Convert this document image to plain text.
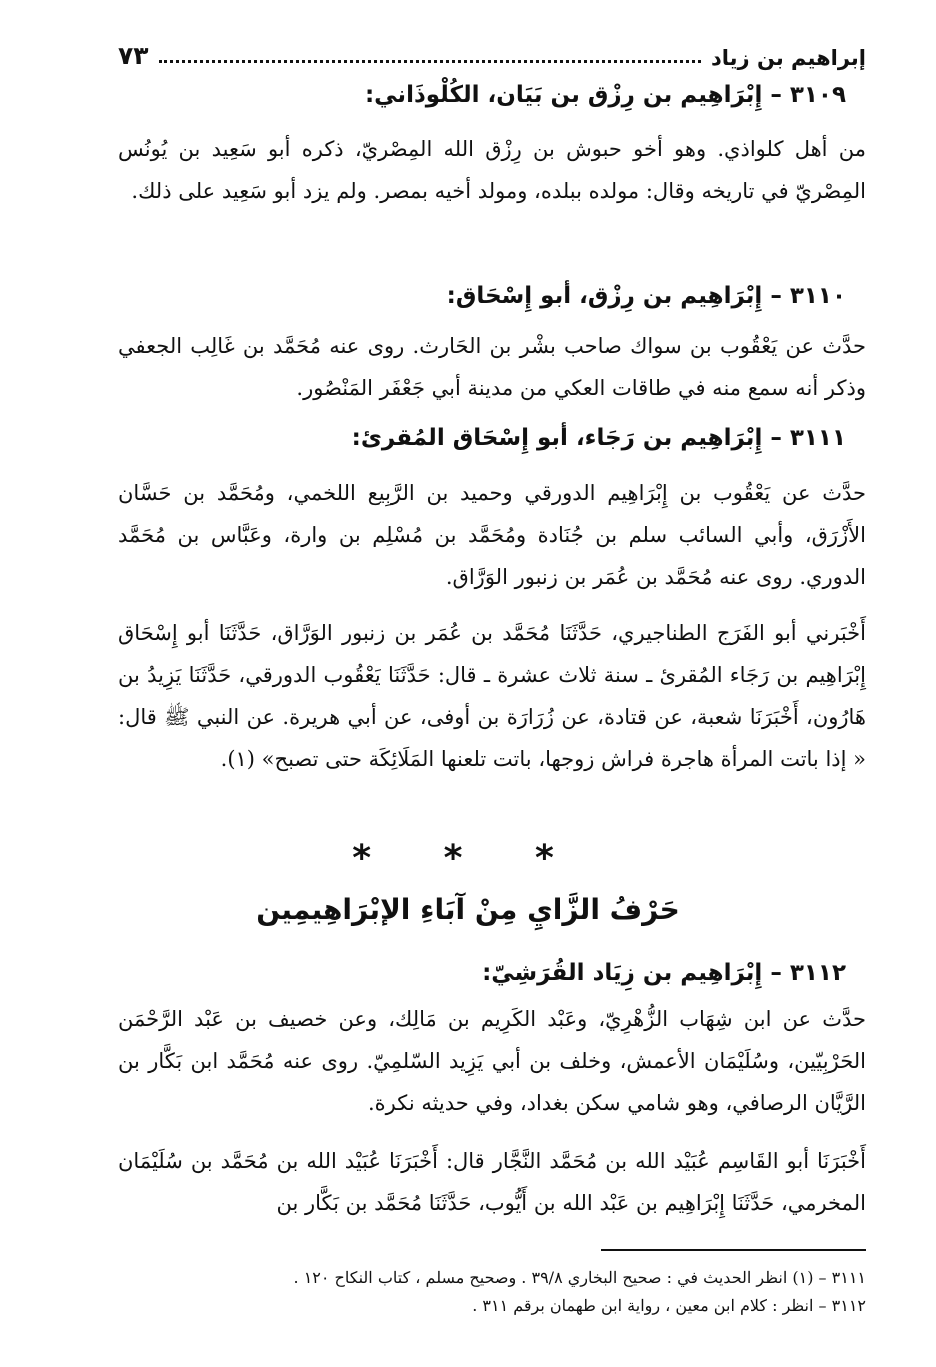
إبراهيم بن زياد
٧٣
٣١٠٩ – إِبْرَاهِيم بن رِزْق بن بَيَان، الكُلْوذَاني:

من أهل كلواذي. وهو أخو حبوش بن رِزْق الله المِصْريّ، ذكره أبو سَعِيد بن يُونُس المِصْريّ في تاريخه وقال: مولده ببلده، ومولد أخيه بمصر. ولم يزد أبو سَعِيد على ذلك.

٣١١٠ – إِبْرَاهِيم بن رِزْق، أبو إِسْحَاق:

حدَّث عن يَعْقُوب بن سواك صاحب بشْر بن الحَارث. روى عنه مُحَمَّد بن غَالِب الجعفي وذكر أنه سمع منه في طاقات العكي من مدينة أبي جَعْفَر المَنْصُور.

٣١١١ – إِبْرَاهِيم بن رَجَاء، أبو إِسْحَاق المُقرئ:

حدَّث عن يَعْقُوب بن إِبْرَاهِيم الدورقي وحميد بن الرَّبِيع اللخمي، ومُحَمَّد بن حَسَّان الأَزْرَق، وأبي السائب سلم بن جُنَادة ومُحَمَّد بن مُسْلِم بن وارة، وعَبَّاس بن مُحَمَّد الدوري. روى عنه مُحَمَّد بن عُمَر بن زنبور الوَرَّاق.

أَخْبَرني أبو الفَرَج الطناجيري، حَدَّثَنَا مُحَمَّد بن عُمَر بن زنبور الوَرَّاق، حَدَّثَنَا أبو إِسْحَاق إِبْرَاهِيم بن رَجَاء المُقرئ ـ سنة ثلاث عشرة ـ قال: حَدَّثَنَا يَعْقُوب الدورقي، حَدَّثَنَا يَزِيدُ بن هَارُون، أَخْبَرَنَا شعبة، عن قتادة، عن زُرَارَة بن أوفى، عن أبي هريرة. عن النبي ﷺ قال: « إذا باتت المرأة هاجرة فراش زوجها، باتت تلعنها المَلَائِكَة حتى تصبح» (١).

* * *
حَرْفُ الزَّايِ مِنْ آبَاءِ الإبْرَاهِيمِين
٣١١٢ – إِبْرَاهِيم بن زِيَاد القُرَشِيّ:

حدَّث عن ابن شِهَاب الزُّهْرِيّ، وعَبْد الكَرِيم بن مَالِك، وعن خصيف بن عَبْد الرَّحْمَن الحَرْبِيّين، وسُلَيْمَان الأعمش، وخلف بن أبي يَزِيد السّلمِيّ. روى عنه مُحَمَّد ابن بَكَّار بن الرَّيَّان الرصافي، وهو شامي سكن بغداد، وفي حديثه نكرة.

أَخْبَرَنَا أبو القَاسِم عُبَيْد الله بن مُحَمَّد النَّجَّار قال: أَخْبَرَنَا عُبَيْد الله بن مُحَمَّد بن سُلَيْمَان المخرمي، حَدَّثَنَا إِبْرَاهِيم بن عَبْد الله بن أَيُّوب، حَدَّثَنَا مُحَمَّد بن بَكَّار بن

٣١١١ – (١) انظر الحديث في : صحيح البخاري ٣٩/٨ . وصحيح مسلم ، كتاب النكاح ١٢٠ .
٣١١٢ – انظر : كلام ابن معين ، رواية ابن طهمان برقم ٣١١ .
